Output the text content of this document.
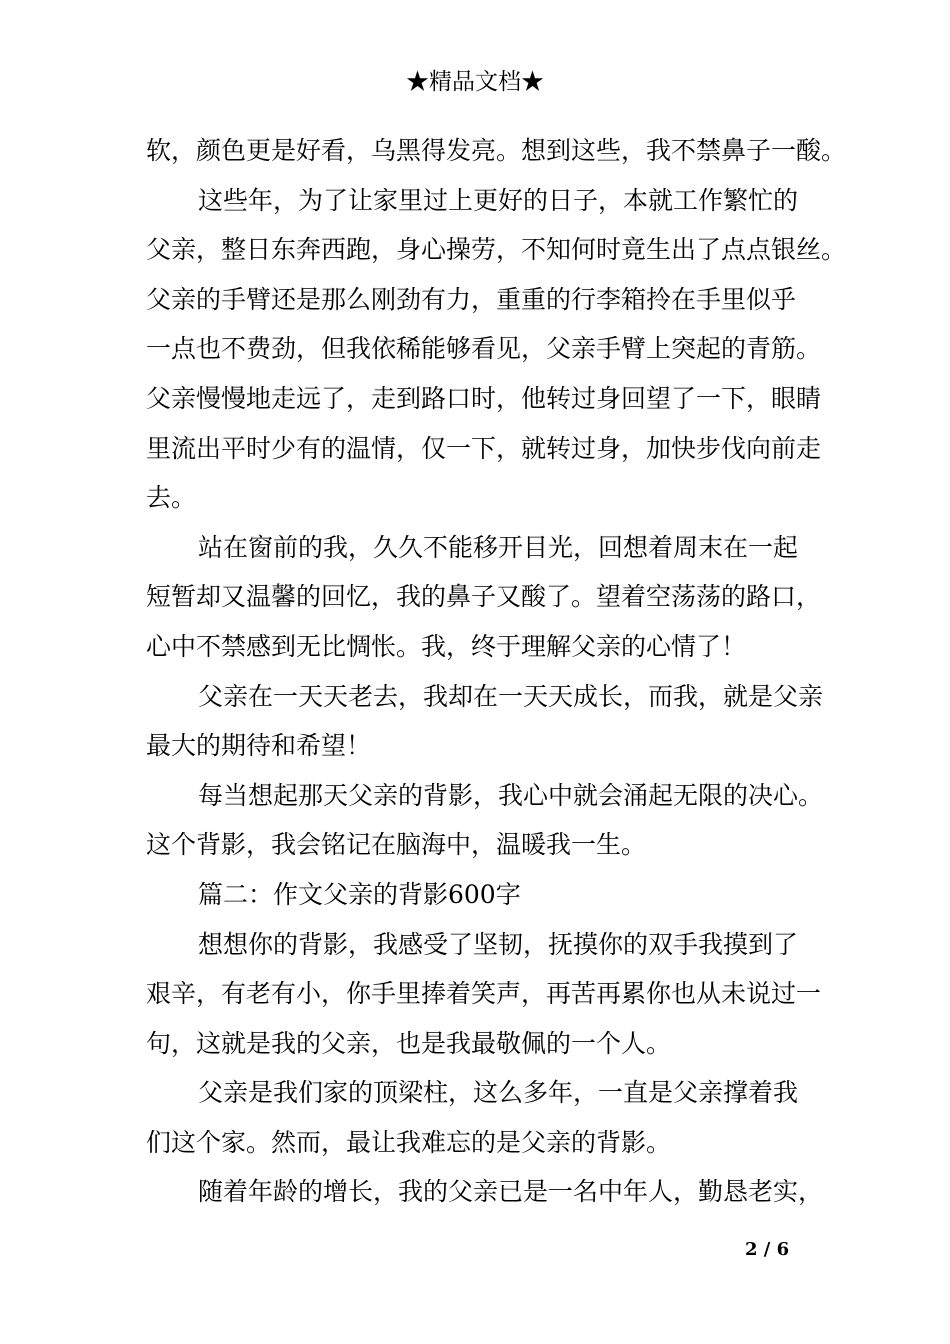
★精品文档★
软，颜色更是好看，乌黑得发亮。想到这些，我不禁鼻子一酸。
这些年，为了让家里过上更好的日子，本就工作繁忙的
父亲，整日东奔西跑，身心操劳，不知何时竟生出了点点银丝。
父亲的手臂还是那么刚劲有力，重重的行李箱拎在手里似乎
一点也不费劲，但我依稀能够看见，父亲手臂上突起的青筋。
父亲慢慢地走远了，走到路口时，他转过身回望了一下，眼睛
里流出平时少有的温情，仅一下，就转过身，加快步伐向前走
去。
站在窗前的我，久久不能移开目光，回想着周末在一起
短暂却又温馨的回忆，我的鼻子又酸了。望着空荡荡的路口，
心中不禁感到无比惆怅。我，终于理解父亲的心情了！
父亲在一天天老去，我却在一天天成长，而我，就是父亲
最大的期待和希望！
每当想起那天父亲的背影，我心中就会涌起无限的决心。
这个背影，我会铭记在脑海中，温暖我一生。
篇二：作文父亲的背影600字
想想你的背影，我感受了坚韧，抚摸你的双手我摸到了
艰辛，有老有小，你手里捧着笑声，再苦再累你也从未说过一
句，这就是我的父亲，也是我最敬佩的一个人。
父亲是我们家的顶梁柱，这么多年，一直是父亲撑着我
们这个家。然而，最让我难忘的是父亲的背影。
随着年龄的增长，我的父亲已是一名中年人，勤恳老实，
2 / 6
